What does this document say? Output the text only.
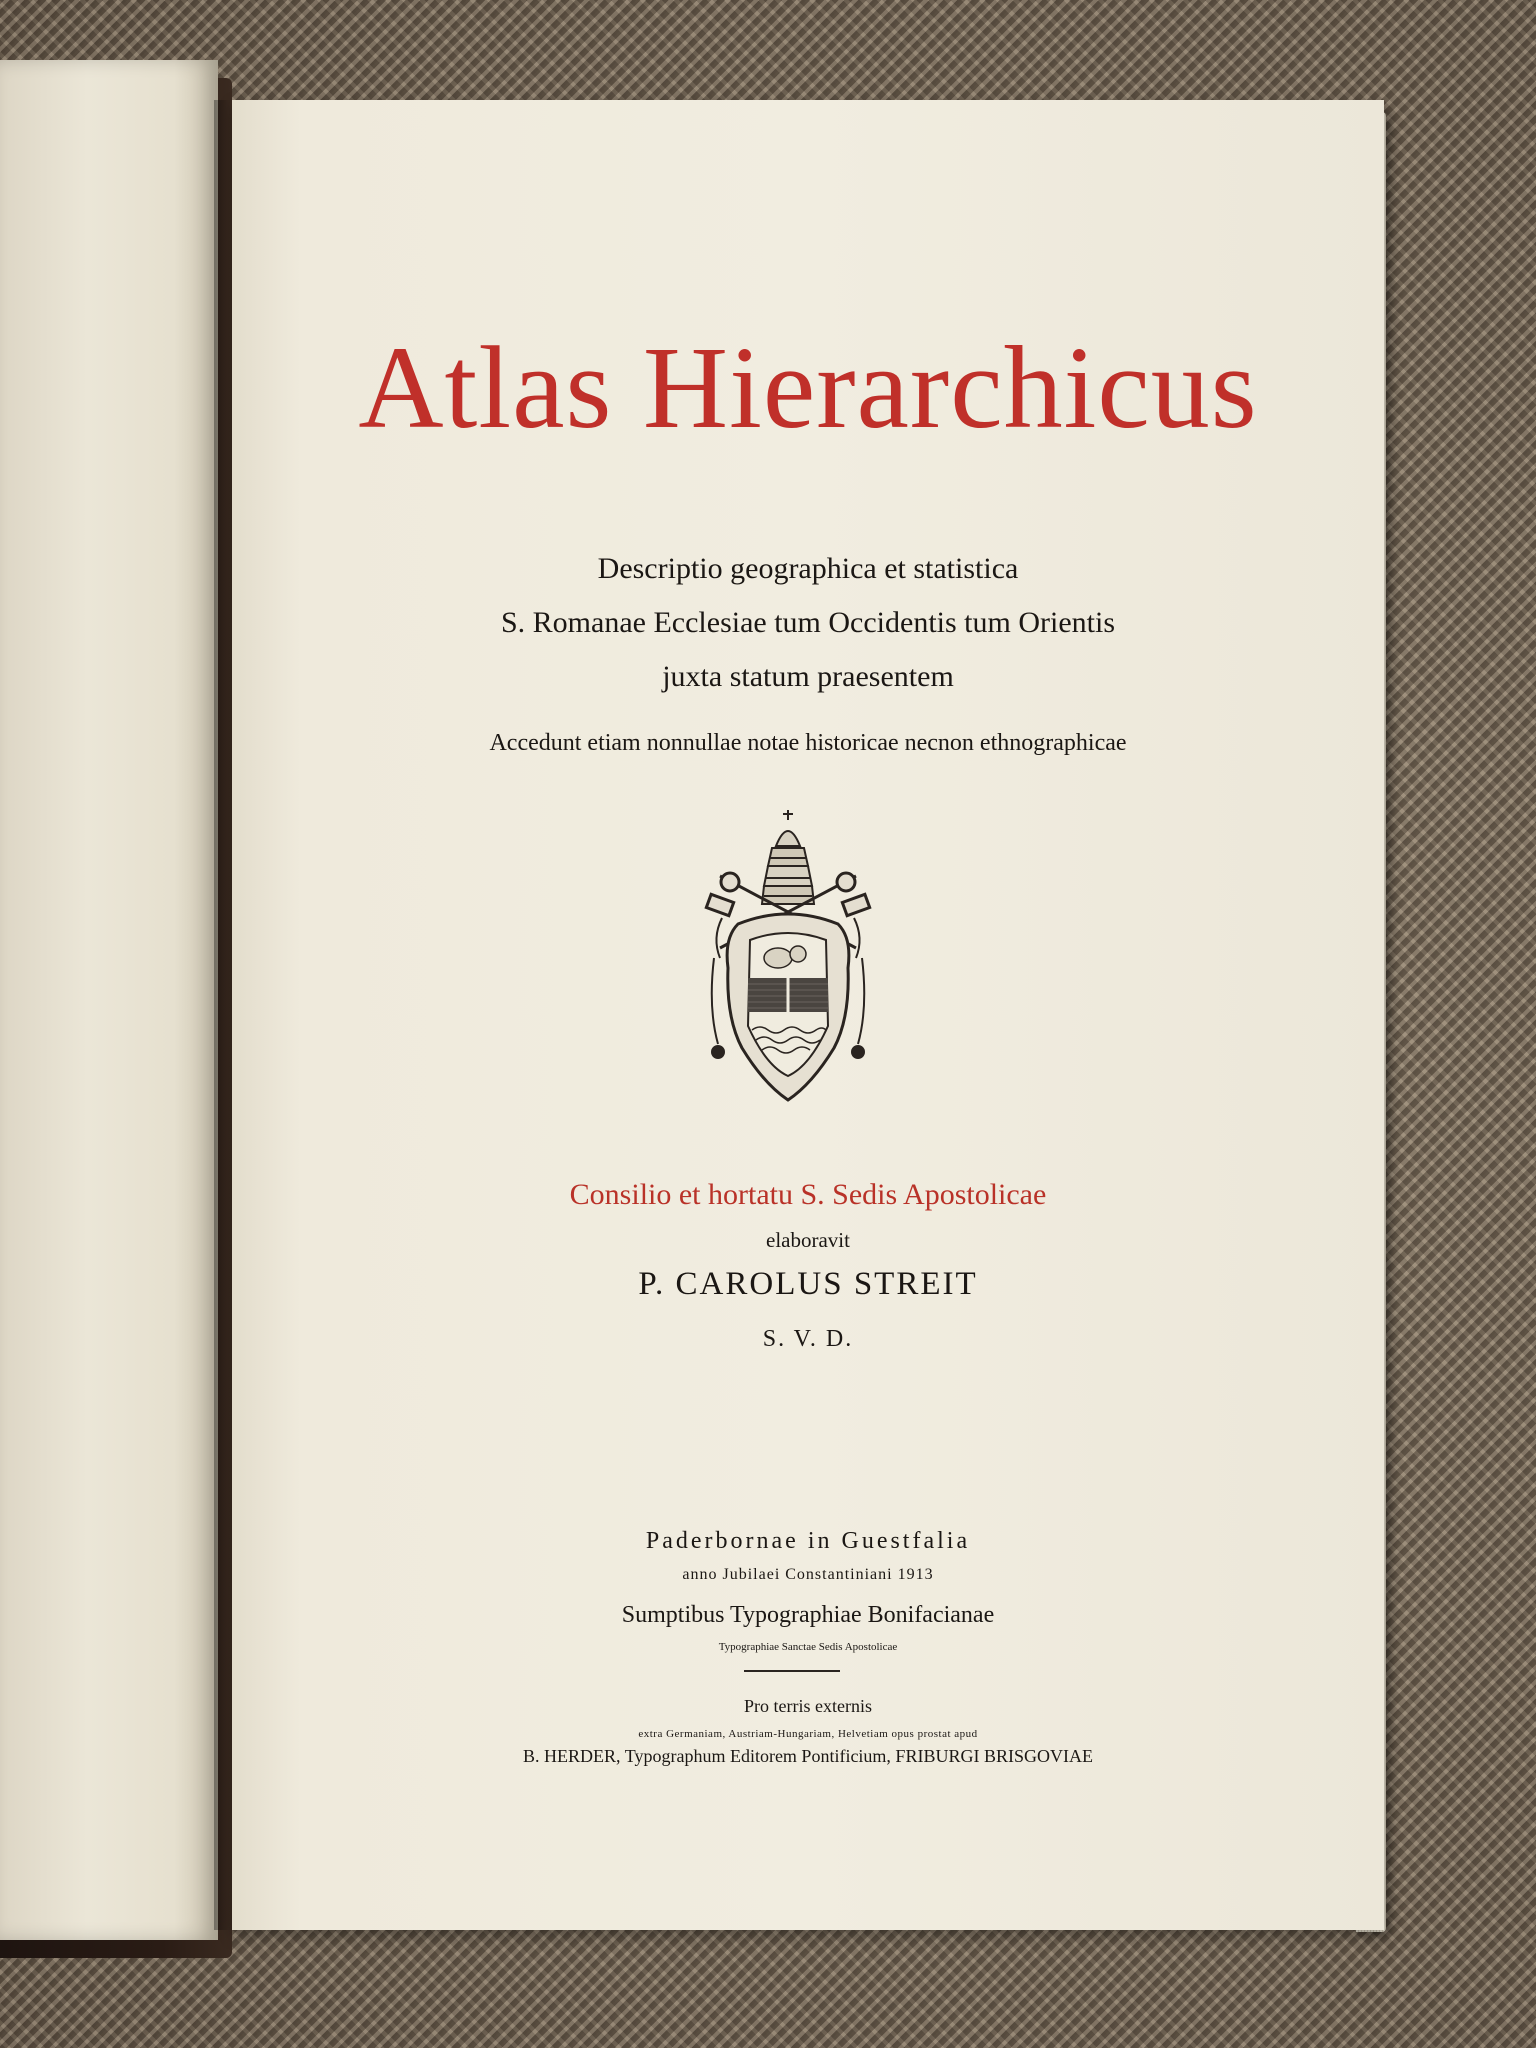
Atlas Hierarchicus
Descriptio geographica et statistica
S. Romanae Ecclesiae tum Occidentis tum Orientis
juxta statum praesentem
Accedunt etiam nonnullae notae historicae necnon ethnographicae
Consilio et hortatu S. Sedis Apostolicae
elaboravit
P. CAROLUS STREIT
S. V. D.
Paderbornae in Guestfalia
anno Jubilaei Constantiniani 1913
Sumptibus Typographiae Bonifacianae
Typographiae Sanctae Sedis Apostolicae
Pro terris externis
extra Germaniam, Austriam-Hungariam, Helvetiam opus prostat apud
B. HERDER, Typographum Editorem Pontificium, FRIBURGI BRISGOVIAE
